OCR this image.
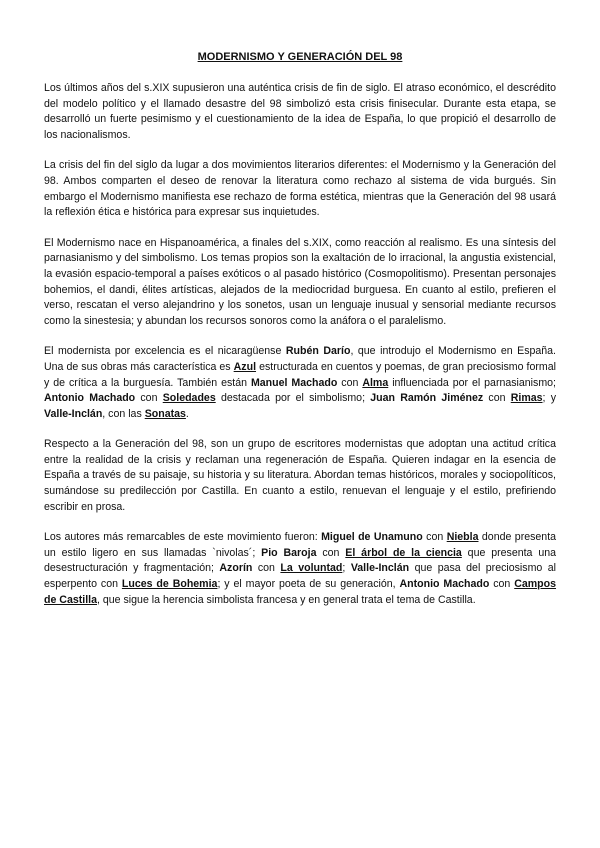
MODERNISMO Y GENERACIÓN DEL 98

Los últimos años del s.XIX supusieron una auténtica crisis de fin de siglo. El atraso económico, el descrédito del modelo político y el llamado desastre del 98 simbolizó esta crisis finisecular. Durante esta etapa, se desarrolló un fuerte pesimismo y el cuestionamiento de la idea de España, lo que propició el desarrollo de los nacionalismos.

La crisis del fin del siglo da lugar a dos movimientos literarios diferentes: el Modernismo y la Generación del 98. Ambos comparten el deseo de renovar la literatura como rechazo al sistema de vida burgués. Sin embargo el Modernismo manifiesta ese rechazo de forma estética, mientras que la Generación del 98 usará la reflexión ética e histórica para expresar sus inquietudes.

El Modernismo nace en Hispanoamérica, a finales del s.XIX, como reacción al realismo. Es una síntesis del parnasianismo y del simbolismo. Los temas propios son la exaltación de lo irracional, la angustia existencial, la evasión espacio-temporal a países exóticos o al pasado histórico (Cosmopolitismo). Presentan personajes bohemios, el dandi, élites artísticas, alejados de la mediocridad burguesa. En cuanto al estilo, prefieren el verso, rescatan el verso alejandrino y los sonetos, usan un lenguaje inusual y sensorial mediante recursos como la sinestesia; y abundan los recursos sonoros como la anáfora o el paralelismo.

El modernista por excelencia es el nicaragüense Rubén Darío, que introdujo el Modernismo en España. Una de sus obras más característica es Azul estructurada en cuentos y poemas, de gran preciosismo formal y de crítica a la burguesía. También están Manuel Machado con Alma influenciada por el parnasianismo; Antonio Machado con Soledades destacada por el simbolismo; Juan Ramón Jiménez con Rimas; y Valle-Inclán, con las Sonatas.

Respecto a la Generación del 98, son un grupo de escritores modernistas que adoptan una actitud crítica entre la realidad de la crisis y reclaman una regeneración de España. Quieren indagar en la esencia de España a través de su paisaje, su historia y su literatura. Abordan temas históricos, morales y sociopolíticos, sumándose su predilección por Castilla. En cuanto a estilo, renuevan el lenguaje y el estilo, prefiriendo escribir en prosa.

Los autores más remarcables de este movimiento fueron: Miguel de Unamuno con Niebla donde presenta un estilo ligero en sus llamadas `nivolas´; Pio Baroja con El árbol de la ciencia que presenta una desestructuración y fragmentación; Azorín con La voluntad; Valle-Inclán que pasa del preciosismo al esperpento con Luces de Bohemia; y el mayor poeta de su generación, Antonio Machado con Campos de Castilla, que sigue la herencia simbolista francesa y en general trata el tema de Castilla.
